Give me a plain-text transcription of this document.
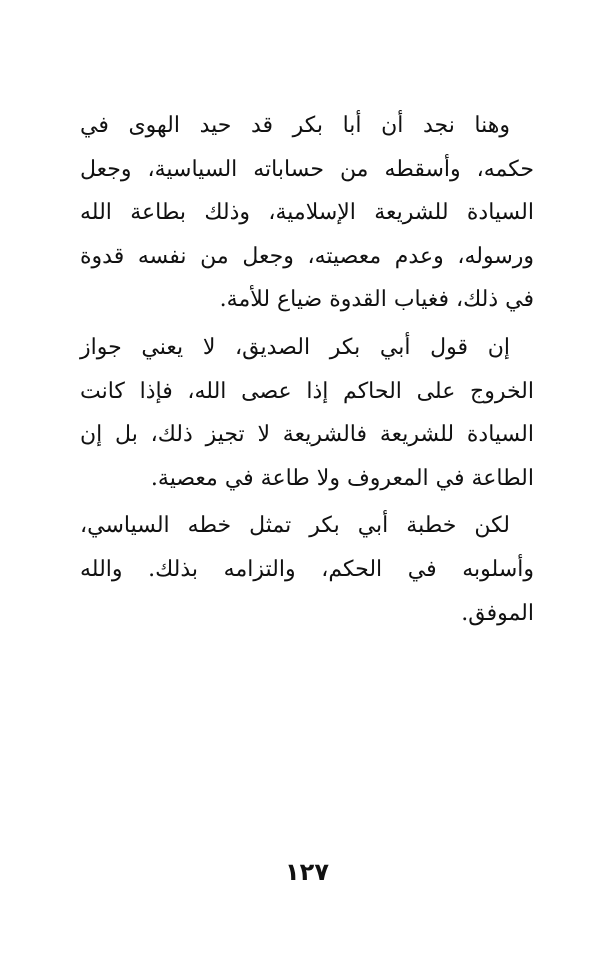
وهنا نجد أن أبا بكر قد حيد الهوى في
حكمه، وأسقطه من حساباته السياسية، وجعل
السيادة للشريعة الإسلامية، وذلك بطاعة الله
ورسوله، وعدم معصيته، وجعل من نفسه قدوة
في ذلك، فغياب القدوة ضياع للأمة.
إن قول أبي بكر الصديق، لا يعني جواز
الخروج على الحاكم إذا عصى الله، فإذا كانت
السيادة للشريعة فالشريعة لا تجيز ذلك، بل إن
الطاعة في المعروف ولا طاعة في معصية.
لكن خطبة أبي بكر تمثل خطه السياسي،
وأسلوبه في الحكم، والتزامه بذلك. والله
الموفق.
١٢٧
